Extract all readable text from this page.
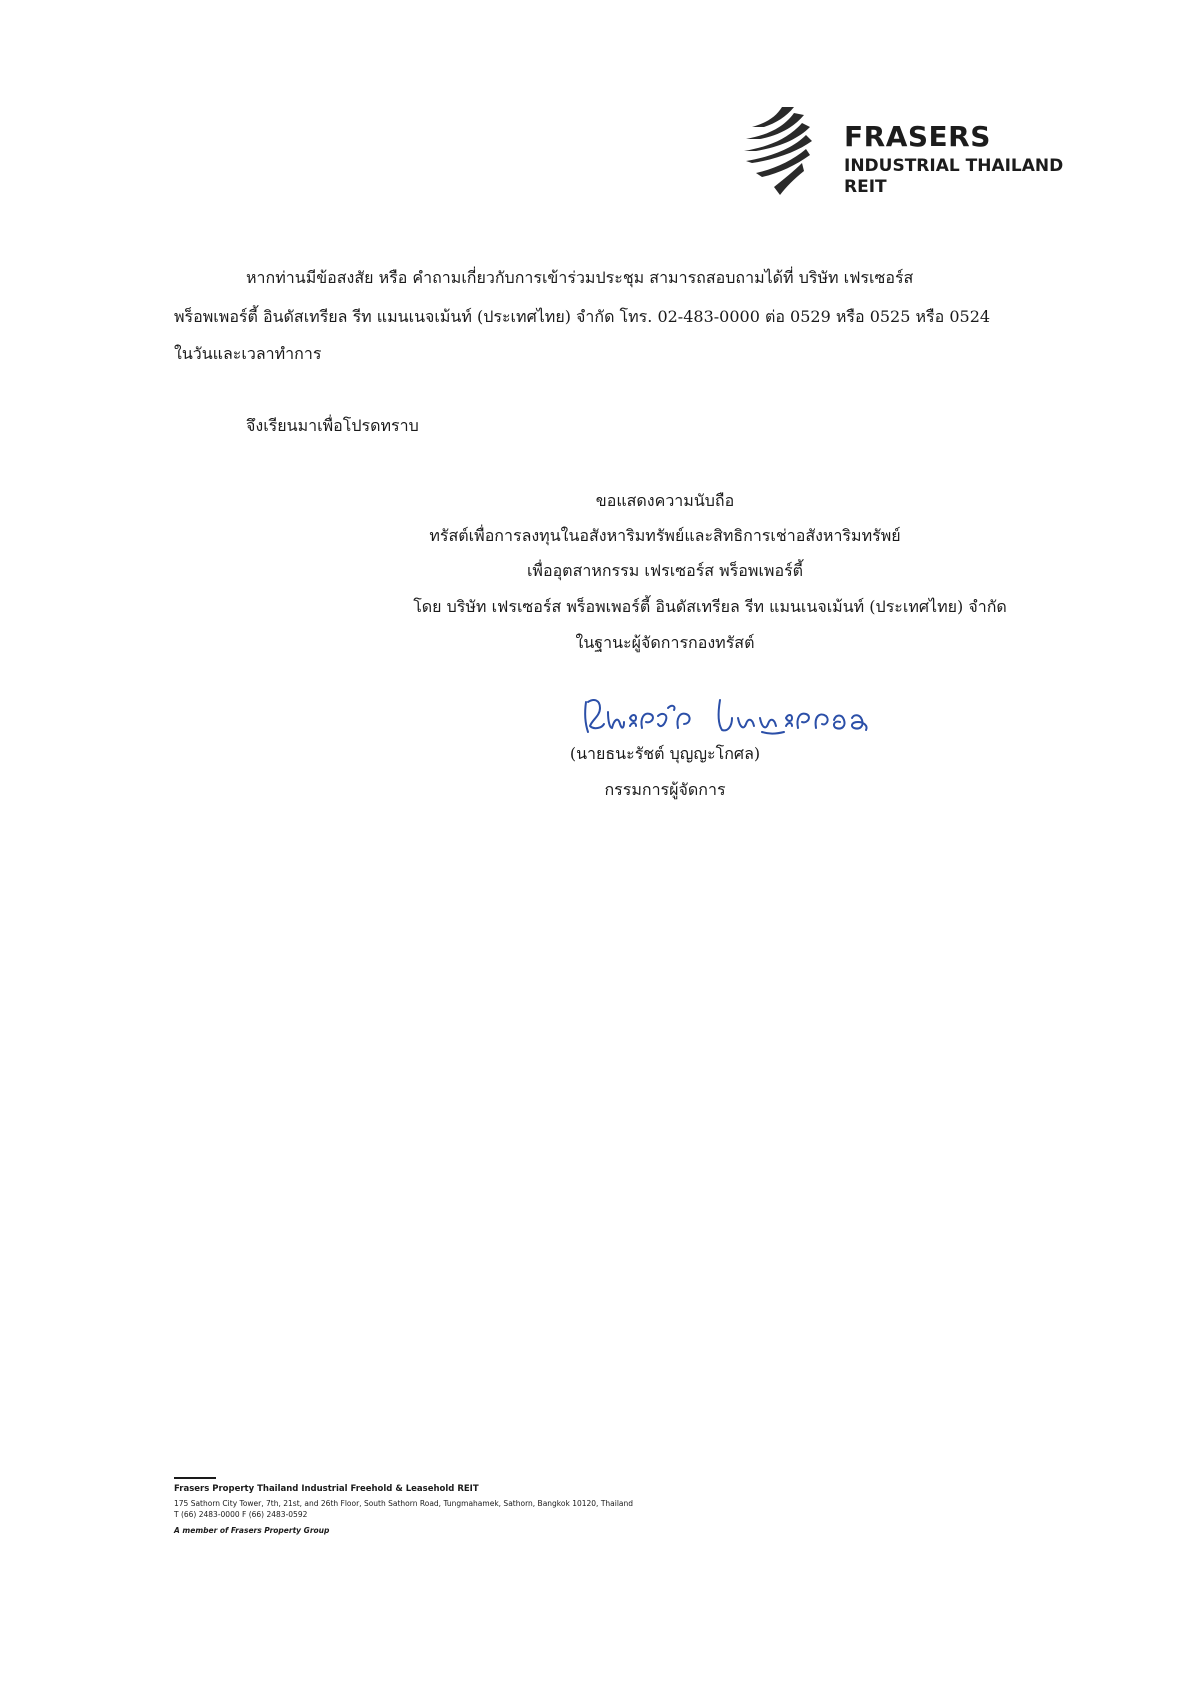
FRASERS
INDUSTRIAL THAILAND
REIT

หากท่านมีข้อสงสัย หรือ คำถามเกี่ยวกับการเข้าร่วมประชุม สามารถสอบถามได้ที่ บริษัท เฟรเซอร์ส

พร็อพเพอร์ตี้ อินดัสเทรียล รีท แมนเนจเม้นท์ (ประเทศไทย) จำกัด โทร. 02-483-0000 ต่อ 0529 หรือ 0525 หรือ 0524

ในวันและเวลาทำการ

จึงเรียนมาเพื่อโปรดทราบ

ขอแสดงความนับถือ

ทรัสต์เพื่อการลงทุนในอสังหาริมทรัพย์และสิทธิการเช่าอสังหาริมทรัพย์

เพื่ออุตสาหกรรม เฟรเซอร์ส พร็อพเพอร์ตี้

โดย บริษัท เฟรเซอร์ส พร็อพเพอร์ตี้ อินดัสเทรียล รีท แมนเนจเม้นท์ (ประเทศไทย) จำกัด

ในฐานะผู้จัดการกองทรัสต์

(นายธนะรัชต์ บุญญะโกศล)

กรรมการผู้จัดการ

Frasers Property Thailand Industrial Freehold & Leasehold REIT
175 Sathorn City Tower, 7th, 21st, and 26th Floor, South Sathorn Road, Tungmahamek, Sathorn, Bangkok 10120, Thailand
T (66) 2483-0000 F (66) 2483-0592
A member of Frasers Property Group
